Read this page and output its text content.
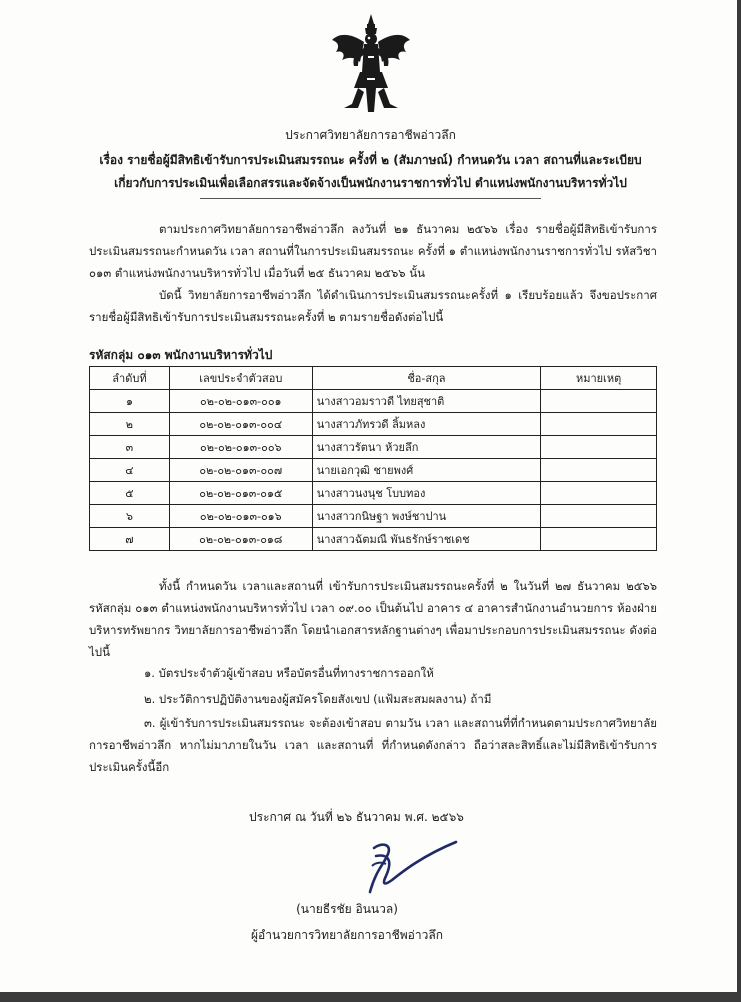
ประกาศวิทยาลัยการอาชีพอ่าวลึก
เรื่อง รายชื่อผู้มีสิทธิเข้ารับการประเมินสมรรถนะ ครั้งที่ ๒ (สัมภาษณ์) กำหนดวัน เวลา สถานที่และระเบียบ
เกี่ยวกับการประเมินเพื่อเลือกสรรและจัดจ้างเป็นพนักงานราชการทั่วไป ตำแหน่งพนักงานบริหารทั่วไป
ตามประกาศวิทยาลัยการอาชีพอ่าวลึก ลงวันที่ ๒๑ ธันวาคม ๒๕๖๖ เรื่อง รายชื่อผู้มีสิทธิเข้ารับการประเมินสมรรถนะกำหนดวัน เวลา สถานที่ในการประเมินสมรรถนะ ครั้งที่ ๑ ตำแหน่งพนักงานราชการทั่วไป รหัสวิชา ๐๑๓ ตำแหน่งพนักงานบริหารทั่วไป เมื่อวันที่ ๒๕ ธันวาคม ๒๕๖๖ นั้น
บัดนี้ วิทยาลัยการอาชีพอ่าวลึก ได้ดำเนินการประเมินสมรรถนะครั้งที่ ๑ เรียบร้อยแล้ว จึงขอประกาศรายชื่อผู้มีสิทธิเข้ารับการประเมินสมรรถนะครั้งที่ ๒ ตามรายชื่อดังต่อไปนี้
รหัสกลุ่ม ๐๑๓ พนักงานบริหารทั่วไป
ลำดับที่	เลขประจำตัวสอบ	ชื่อ-สกุล	หมายเหตุ
๑	๐๒-๐๒-๐๑๓-๐๐๑	นางสาวอมราวดี ไทยสุชาติ	
๒	๐๒-๐๒-๐๑๓-๐๐๔	นางสาวภัทรวดี ลิ้มหลง	
๓	๐๒-๐๒-๐๑๓-๐๐๖	นางสาวรัตนา ห้วยลึก	
๔	๐๒-๐๒-๐๑๓-๐๐๗	นายเอกวุฒิ ชายพงศ์	
๕	๐๒-๐๒-๐๑๓-๐๑๕	นางสาวนงนุช โบบทอง	
๖	๐๒-๐๒-๐๑๓-๐๑๖	นางสาวกนิษฐา พงษ์ชาปาน	
๗	๐๒-๐๒-๐๑๓-๐๑๘	นางสาวฉัตมณี พันธรักษ์ราชเดช	
ทั้งนี้ กำหนดวัน เวลาและสถานที่ เข้ารับการประเมินสมรรถนะครั้งที่ ๒ ในวันที่ ๒๗ ธันวาคม ๒๕๖๖ รหัสกลุ่ม ๐๑๓ ตำแหน่งพนักงานบริหารทั่วไป เวลา ๐๙.๐๐ เป็นต้นไป อาคาร ๔ อาคารสำนักงานอำนวยการ ห้องฝ่ายบริหารทรัพยากร วิทยาลัยการอาชีพอ่าวลึก โดยนำเอกสารหลักฐานต่างๆ เพื่อมาประกอบการประเมินสมรรถนะ ดังต่อไปนี้
๑. บัตรประจำตัวผู้เข้าสอบ หรือบัตรอื่นที่ทางราชการออกให้
๒. ประวัติการปฏิบัติงานของผู้สมัครโดยสังเขป (แฟ้มสะสมผลงาน) ถ้ามี
๓. ผู้เข้ารับการประเมินสมรรถนะ จะต้องเข้าสอบ ตามวัน เวลา และสถานที่ที่กำหนดตามประกาศวิทยาลัยการอาชีพอ่าวลึก หากไม่มาภายในวัน เวลา และสถานที่ ที่กำหนดดังกล่าว ถือว่าสละสิทธิ์และไม่มีสิทธิเข้ารับการประเมินครั้งนี้อีก
ประกาศ ณ วันที่ ๒๖ ธันวาคม พ.ศ. ๒๕๖๖
(นายธีรชัย อินนวล)
ผู้อำนวยการวิทยาลัยการอาชีพอ่าวลึก
